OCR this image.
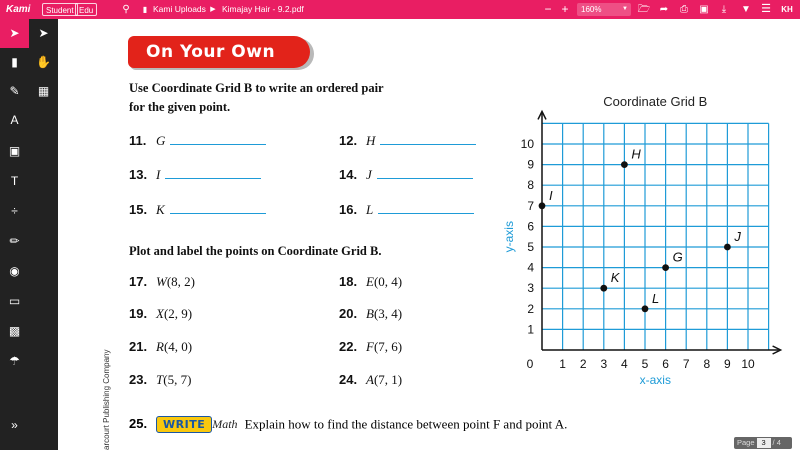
Kami	Student Edu	⚲	▮ Kami Uploads ▶ Kimajay Hair - 9.2.pdf	− +	160%	▼ 🗁 ➦	⎙	▣	⤓	▼ ☰	KH
➤	➤
▮	✋
✎	▦
A
▣
T
÷
✏
◉
▭
▩
☂
»
On Your Own
Use Coordinate Grid B to write an ordered pair
for the given point.
11. G	12. H
13. I	14. J
15. K	16. L
Plot and label the points on Coordinate Grid B.
17. W(8, 2)	18. E(0, 4)
19. X(2, 9)	20. B(3, 4)
21. R(4, 0)	22. F(7, 6)
23. T(5, 7)	24. A(7, 1)
25. WRITE Math Explain how to find the distance between point F and point A.
arcourt Publishing Company
Coordinate Grid B
0 1 2 3 4 5 6 7 8 9 10
1
2
3
4
5
6
7
8
9
10
x-axis
y-axis
H
I
J
G
K
L
Page 3 / 4
